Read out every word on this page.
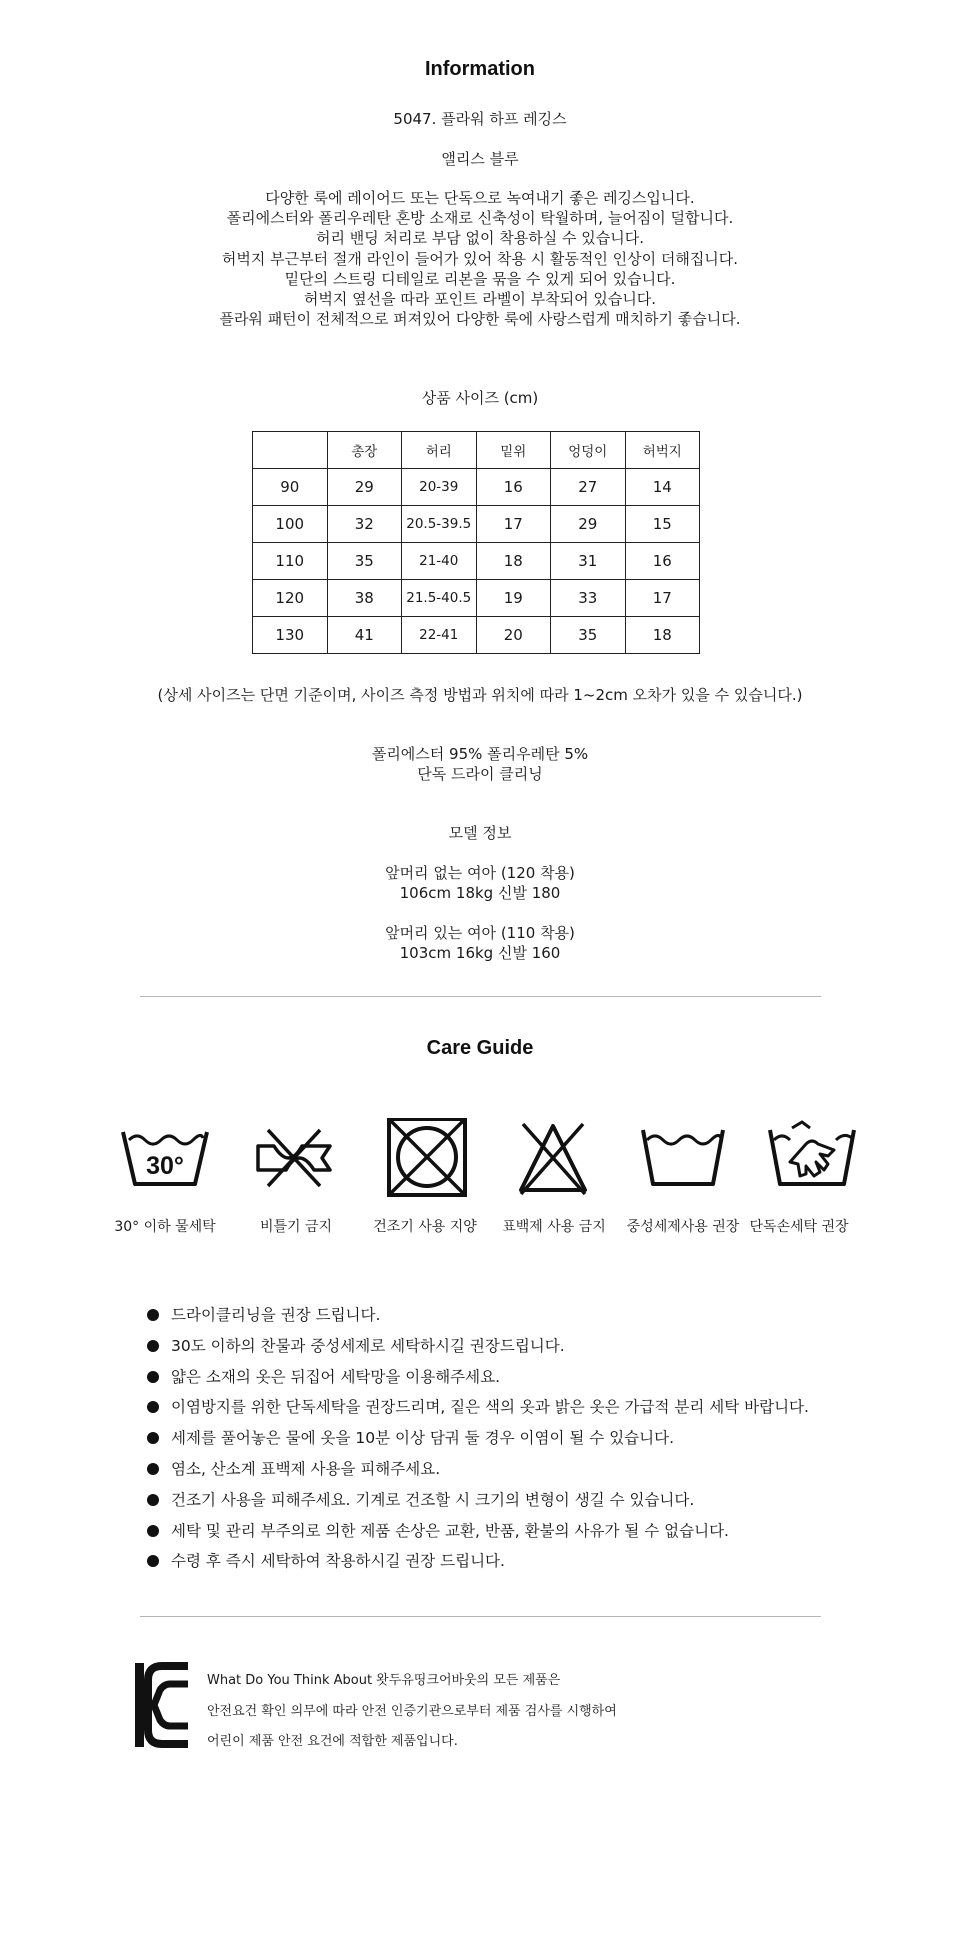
Information
5047. 플라워 하프 레깅스
앨리스 블루
다양한 룩에 레이어드 또는 단독으로 녹여내기 좋은 레깅스입니다.
폴리에스터와 폴리우레탄 혼방 소재로 신축성이 탁월하며, 늘어짐이 덜합니다.
허리 밴딩 처리로 부담 없이 착용하실 수 있습니다.
허벅지 부근부터 절개 라인이 들어가 있어 착용 시 활동적인 인상이 더해집니다.
밑단의 스트링 디테일로 리본을 묶을 수 있게 되어 있습니다.
허벅지 옆선을 따라 포인트 라벨이 부착되어 있습니다.
플라워 패턴이 전체적으로 퍼져있어 다양한 룩에 사랑스럽게 매치하기 좋습니다.
상품 사이즈 (cm)
	총장	허리	밑위	엉덩이	허벅지
90	29	20-39	16	27	14
100	32	20.5-39.5	17	29	15
110	35	21-40	18	31	16
120	38	21.5-40.5	19	33	17
130	41	22-41	20	35	18
(상세 사이즈는 단면 기준이며, 사이즈 측정 방법과 위치에 따라 1~2cm 오차가 있을 수 있습니다.)
폴리에스터 95% 폴리우레탄 5%
단독 드라이 클리닝
모델 정보
앞머리 없는 여아 (120 착용)
106cm 18kg 신발 180
앞머리 있는 여아 (110 착용)
103cm 16kg 신발 160
Care Guide
30°
30° 이하 물세탁	비틀기 금지	건조기 사용 지양	표백제 사용 금지	중성세제사용 권장 단독손세탁 권장
드라이클리닝을 권장 드립니다.
30도 이하의 찬물과 중성세제로 세탁하시길 권장드립니다.
얇은 소재의 옷은 뒤집어 세탁망을 이용해주세요.
이염방지를 위한 단독세탁을 권장드리며, 짙은 색의 옷과 밝은 옷은 가급적 분리 세탁 바랍니다.
세제를 풀어놓은 물에 옷을 10분 이상 담궈 둘 경우 이염이 될 수 있습니다.
염소, 산소계 표백제 사용을 피해주세요.
건조기 사용을 피해주세요. 기계로 건조할 시 크기의 변형이 생길 수 있습니다.
세탁 및 관리 부주의로 의한 제품 손상은 교환, 반품, 환불의 사유가 될 수 없습니다.
수령 후 즉시 세탁하여 착용하시길 권장 드립니다.
What Do You Think About 왓두유띵크어바웃의 모든 제품은
안전요건 확인 의무에 따라 안전 인증기관으로부터 제품 검사를 시행하여
어린이 제품 안전 요건에 적합한 제품입니다.
